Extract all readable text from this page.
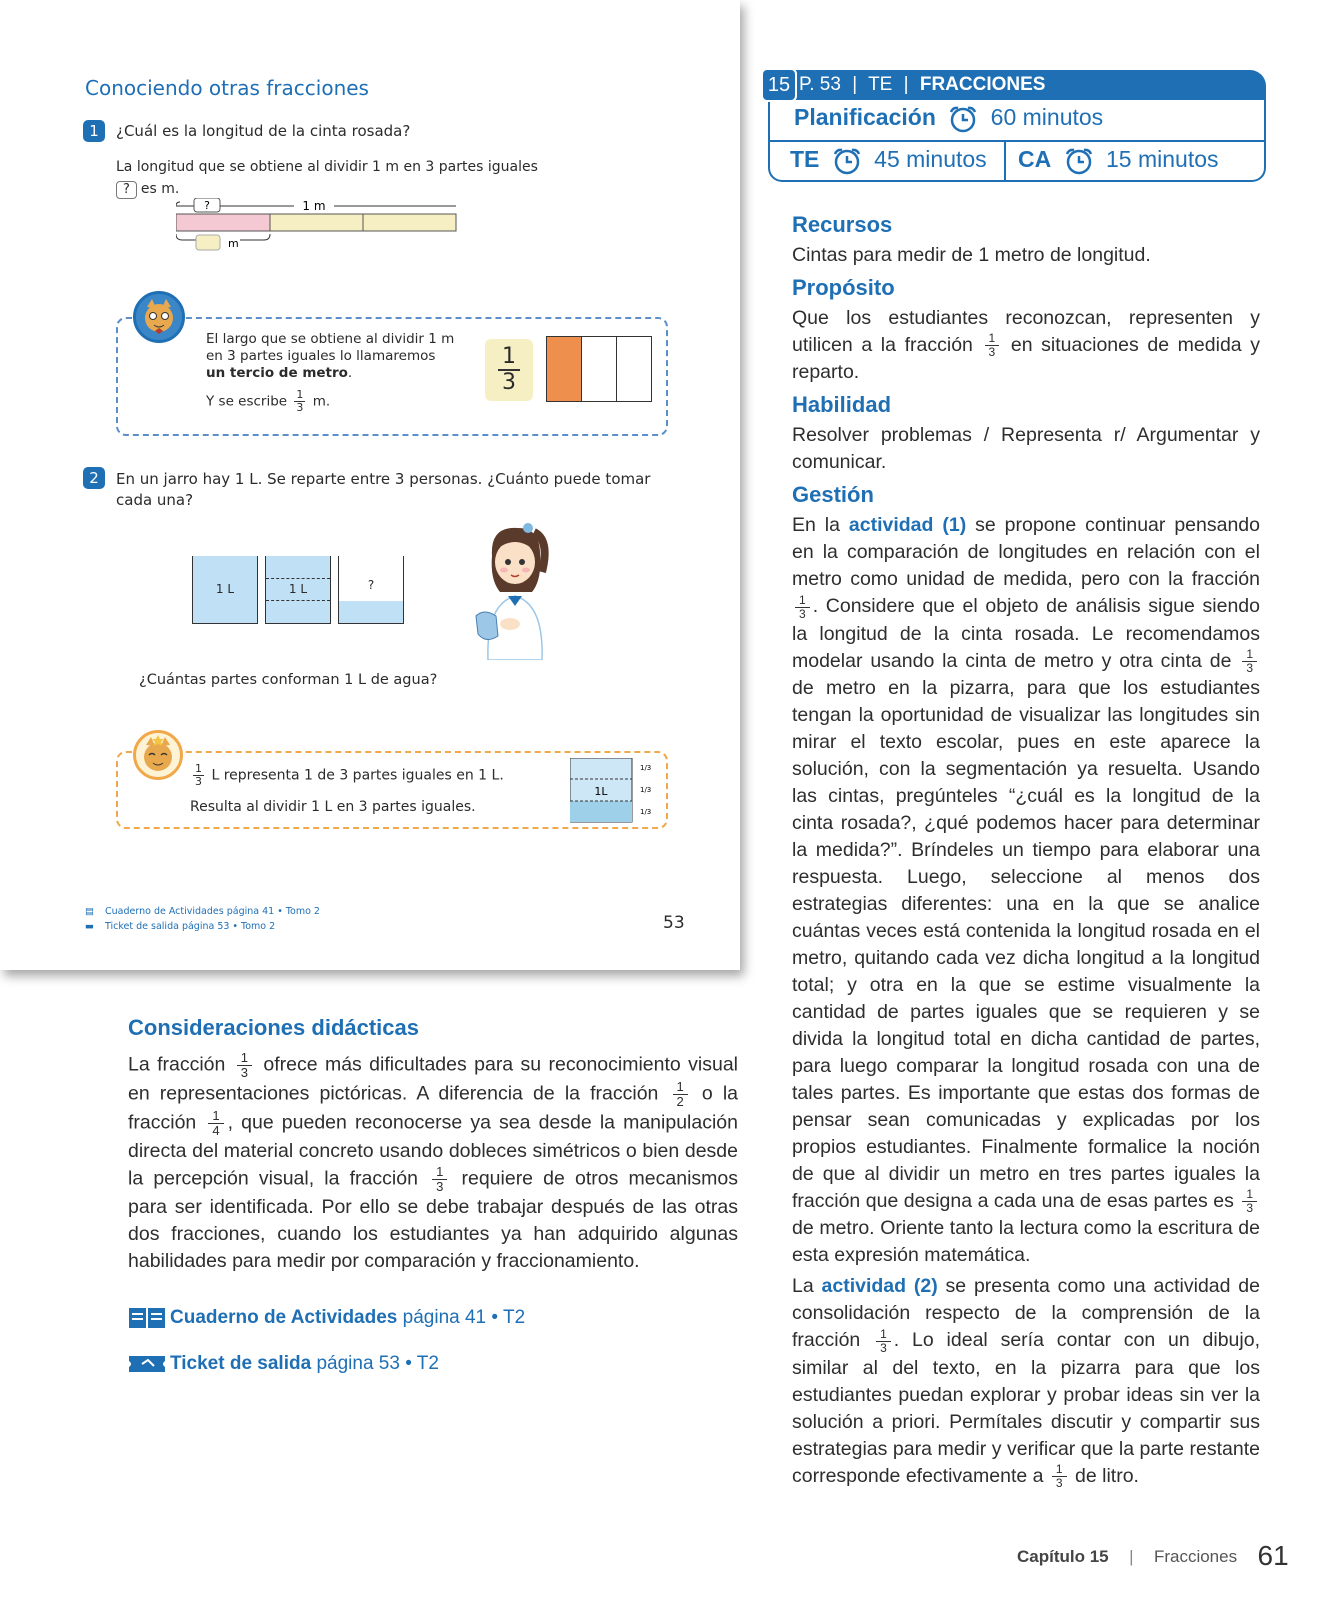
Conociendo otras fracciones
1	¿Cuál es la longitud de la cinta rosada?
La longitud que se obtiene al dividir 1 m en 3 partes iguales
? es m.
?	1 m
m
El largo que se obtiene al dividir 1 m
en 3 partes iguales lo llamaremos
un tercio de metro.
Y se escribe $\frac{1}{3} m$.
$\frac{1}{3}$
2	En un jarro hay 1 L. Se reparte entre 3 personas. ¿Cuánto puede tomar cada una?
1 L	1 L	?
¿Cuántas partes conforman 1 L de agua?
$\frac{1}{3}$ L representa 1 de 3 partes iguales en 1 L.
Resulta al dividir 1 L en 3 partes iguales.
1L
1/3
1/3
1/3
▤ Cuaderno de Actividades página 41 • Tomo 2
▬ Ticket de salida página 53 • Tomo 2	53
Consideraciones didácticas

La fracción $\frac{1}{3}$ ofrece más dificultades para su reconocimiento visual en representaciones pictóricas. A diferencia de la fracción $\frac{1}{2}$ o la fracción $\frac{1}{4}$ , que pueden reconocerse ya sea desde la manipulación directa del material concreto usando dobleces simétricos o bien desde la percepción visual, la fracción $\frac{1}{3}$ requiere de otros mecanismos para ser identificada. Por ello se debe trabajar después de las otras dos fracciones, cuando los estudiantes ya han adquirido algunas habilidades para medir por comparación y fraccionamiento.

Cuaderno de Actividades página 41 • T2
Ticket de salida página 53 • T2
15 P. 53 | TE | FRACCIONES
Planificación 60 minutos
TE 45 minutos CA 15 minutos
Recursos

Cintas para medir de 1 metro de longitud.

Propósito

Que los estudiantes reconozcan, representen y utilicen a la fracción $\frac{1}{3}$ en situaciones de medida y reparto.

Habilidad

Resolver problemas / Representa r/ Argumentar y comunicar.

Gestión

En la actividad (1) se propone continuar pensando en la comparación de longitudes en relación con el metro como unidad de medida, pero con la fracción
$\frac{1}{3}$ . Considere que el objeto de análisis sigue siendo la longitud de la cinta rosada. Le recomendamos modelar usando la cinta de metro y otra cinta de $\frac{1}{3}$
de metro en la pizarra, para que los estudiantes tengan la oportunidad de visualizar las longitudes sin mirar el texto escolar, pues en este aparece la solución, con la segmentación ya resuelta. Usando las cintas, pregúnteles “¿cuál es la longitud de la cinta rosada?, ¿qué podemos hacer para determinar la medida?”. Bríndeles un tiempo para elaborar una respuesta. Luego, seleccione al menos dos estrategias diferentes: una en la que se analice cuántas veces está contenida la longitud rosada en el metro, quitando cada vez dicha longitud a la longitud total; y otra en la que se estime visualmente la cantidad de partes iguales que se requieren y se divida la longitud total en dicha cantidad de partes, para luego comparar la longitud rosada con una de tales partes. Es importante que estas dos formas de pensar sean comunicadas y explicadas por los propios estudiantes. Finalmente formalice la noción de que al dividir un metro en tres partes iguales la fracción que designa a cada una de esas partes es $\frac{1}{3}$
de metro. Oriente tanto la lectura como la escritura de esta expresión matemática.

La actividad (2) se presenta como una actividad de consolidación respecto de la comprensión de la fracción $\frac{1}{3}$ . Lo ideal sería contar con un dibujo, similar al del texto, en la pizarra para que los estudiantes puedan explorar y probar ideas sin ver la solución a priori. Permítales discutir y compartir sus estrategias para medir y verificar que la parte restante corresponde efectivamente a $\frac{1}{3}$ de litro.

Capítulo 15 | Fracciones 61
